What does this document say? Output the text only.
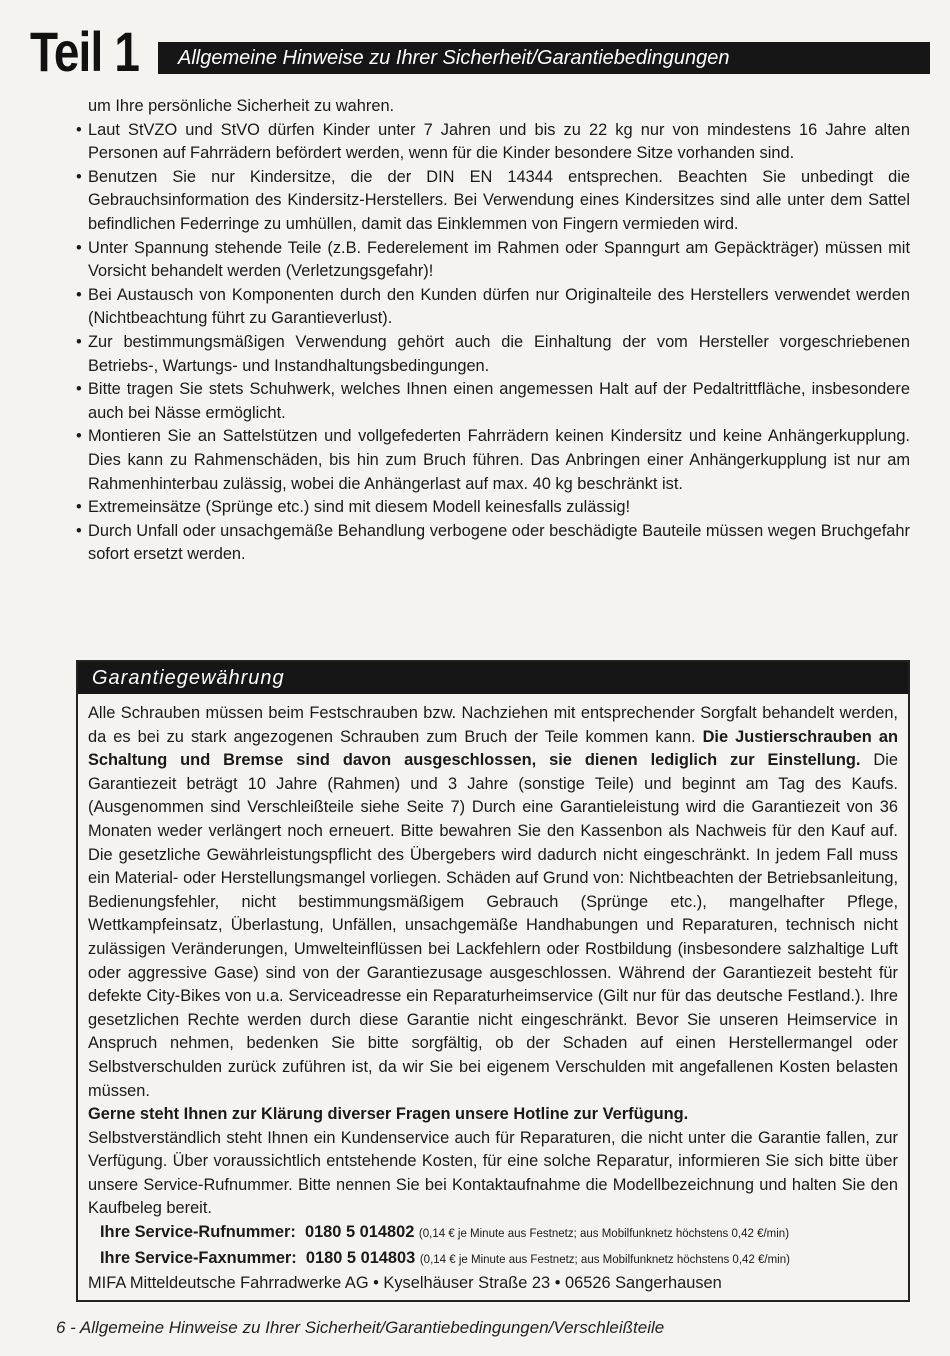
Teil 1	Allgemeine Hinweise zu Ihrer Sicherheit/Garantiebedingungen

um Ihre persönliche Sicherheit zu wahren.

• Laut StVZO und StVO dürfen Kinder unter 7 Jahren und bis zu 22 kg nur von mindestens 16 Jahre alten Personen auf Fahrrädern befördert werden, wenn für die Kinder besondere Sitze vorhanden sind.

• Benutzen Sie nur Kindersitze, die der DIN EN 14344 entsprechen. Beachten Sie unbedingt die Gebrauchsinformation des Kindersitz-Herstellers. Bei Verwendung eines Kindersitzes sind alle unter dem Sattel befindlichen Federringe zu umhüllen, damit das Einklemmen von Fingern vermieden wird.

• Unter Spannung stehende Teile (z.B. Federelement im Rahmen oder Spanngurt am Gepäckträger) müssen mit Vorsicht behandelt werden (Verletzungsgefahr)!

• Bei Austausch von Komponenten durch den Kunden dürfen nur Originalteile des Herstellers verwendet werden (Nichtbeachtung führt zu Garantieverlust).

• Zur bestimmungsmäßigen Verwendung gehört auch die Einhaltung der vom Hersteller vorgeschriebenen Betriebs-, Wartungs- und Instandhaltungsbedingungen.

• Bitte tragen Sie stets Schuhwerk, welches Ihnen einen angemessen Halt auf der Pedaltrittfläche, insbesondere auch bei Nässe ermöglicht.

• Montieren Sie an Sattelstützen und vollgefederten Fahrrädern keinen Kindersitz und keine Anhängerkupplung. Dies kann zu Rahmenschäden, bis hin zum Bruch führen. Das Anbringen einer Anhängerkupplung ist nur am Rahmenhinterbau zulässig, wobei die Anhängerlast auf max. 40 kg beschränkt ist.

• Extremeinsätze (Sprünge etc.) sind mit diesem Modell keinesfalls zulässig!

• Durch Unfall oder unsachgemäße Behandlung verbogene oder beschädigte Bauteile müssen wegen Bruchgefahr sofort ersetzt werden.

Garantiegewährung

Alle Schrauben müssen beim Festschrauben bzw. Nachziehen mit entsprechender Sorgfalt behandelt werden, da es bei zu stark angezogenen Schrauben zum Bruch der Teile kommen kann. Die Justierschrauben an Schaltung und Bremse sind davon ausgeschlossen, sie dienen lediglich zur Einstellung. Die Garantiezeit beträgt 10 Jahre (Rahmen) und 3 Jahre (sonstige Teile) und beginnt am Tag des Kaufs. (Ausgenommen sind Verschleißteile siehe Seite 7) Durch eine Garantieleistung wird die Garantiezeit von 36 Monaten weder verlängert noch erneuert. Bitte bewahren Sie den Kassenbon als Nachweis für den Kauf auf. Die gesetzliche Gewährleistungspflicht des Übergebers wird dadurch nicht eingeschränkt. In jedem Fall muss ein Material- oder Herstellungsmangel vorliegen. Schäden auf Grund von: Nichtbeachten der Betriebsanleitung, Bedienungsfehler, nicht bestimmungsmäßigem Gebrauch (Sprünge etc.), mangelhafter Pflege, Wettkampfeinsatz, Überlastung, Unfällen, unsachgemäße Handhabungen und Reparaturen, technisch nicht zulässigen Veränderungen, Umwelteinflüssen bei Lackfehlern oder Rostbildung (insbesondere salzhaltige Luft oder aggressive Gase) sind von der Garantiezusage ausgeschlossen. Während der Garantiezeit besteht für defekte City-Bikes von u.a. Serviceadresse ein Reparaturheimservice (Gilt nur für das deutsche Festland.). Ihre gesetzlichen Rechte werden durch diese Garantie nicht eingeschränkt. Bevor Sie unseren Heimservice in Anspruch nehmen, bedenken Sie bitte sorgfältig, ob der Schaden auf einen Herstellermangel oder Selbstverschulden zurück zuführen ist, da wir Sie bei eigenem Verschulden mit angefallenen Kosten belasten müssen.

Gerne steht Ihnen zur Klärung diverser Fragen unsere Hotline zur Verfügung.

Selbstverständlich steht Ihnen ein Kundenservice auch für Reparaturen, die nicht unter die Garantie fallen, zur Verfügung. Über voraussichtlich entstehende Kosten, für eine solche Reparatur, informieren Sie sich bitte über unsere Service-Rufnummer. Bitte nennen Sie bei Kontaktaufnahme die Modellbezeichnung und halten Sie den Kaufbeleg bereit.

Ihre Service-Rufnummer: 0180 5 014802 (0,14 € je Minute aus Festnetz; aus Mobilfunknetz höchstens 0,42 €/min)

Ihre Service-Faxnummer: 0180 5 014803 (0,14 € je Minute aus Festnetz; aus Mobilfunknetz höchstens 0,42 €/min)

MIFA Mitteldeutsche Fahrradwerke AG • Kyselhäuser Straße 23 • 06526 Sangerhausen

6 - Allgemeine Hinweise zu Ihrer Sicherheit/Garantiebedingungen/Verschleißteile
